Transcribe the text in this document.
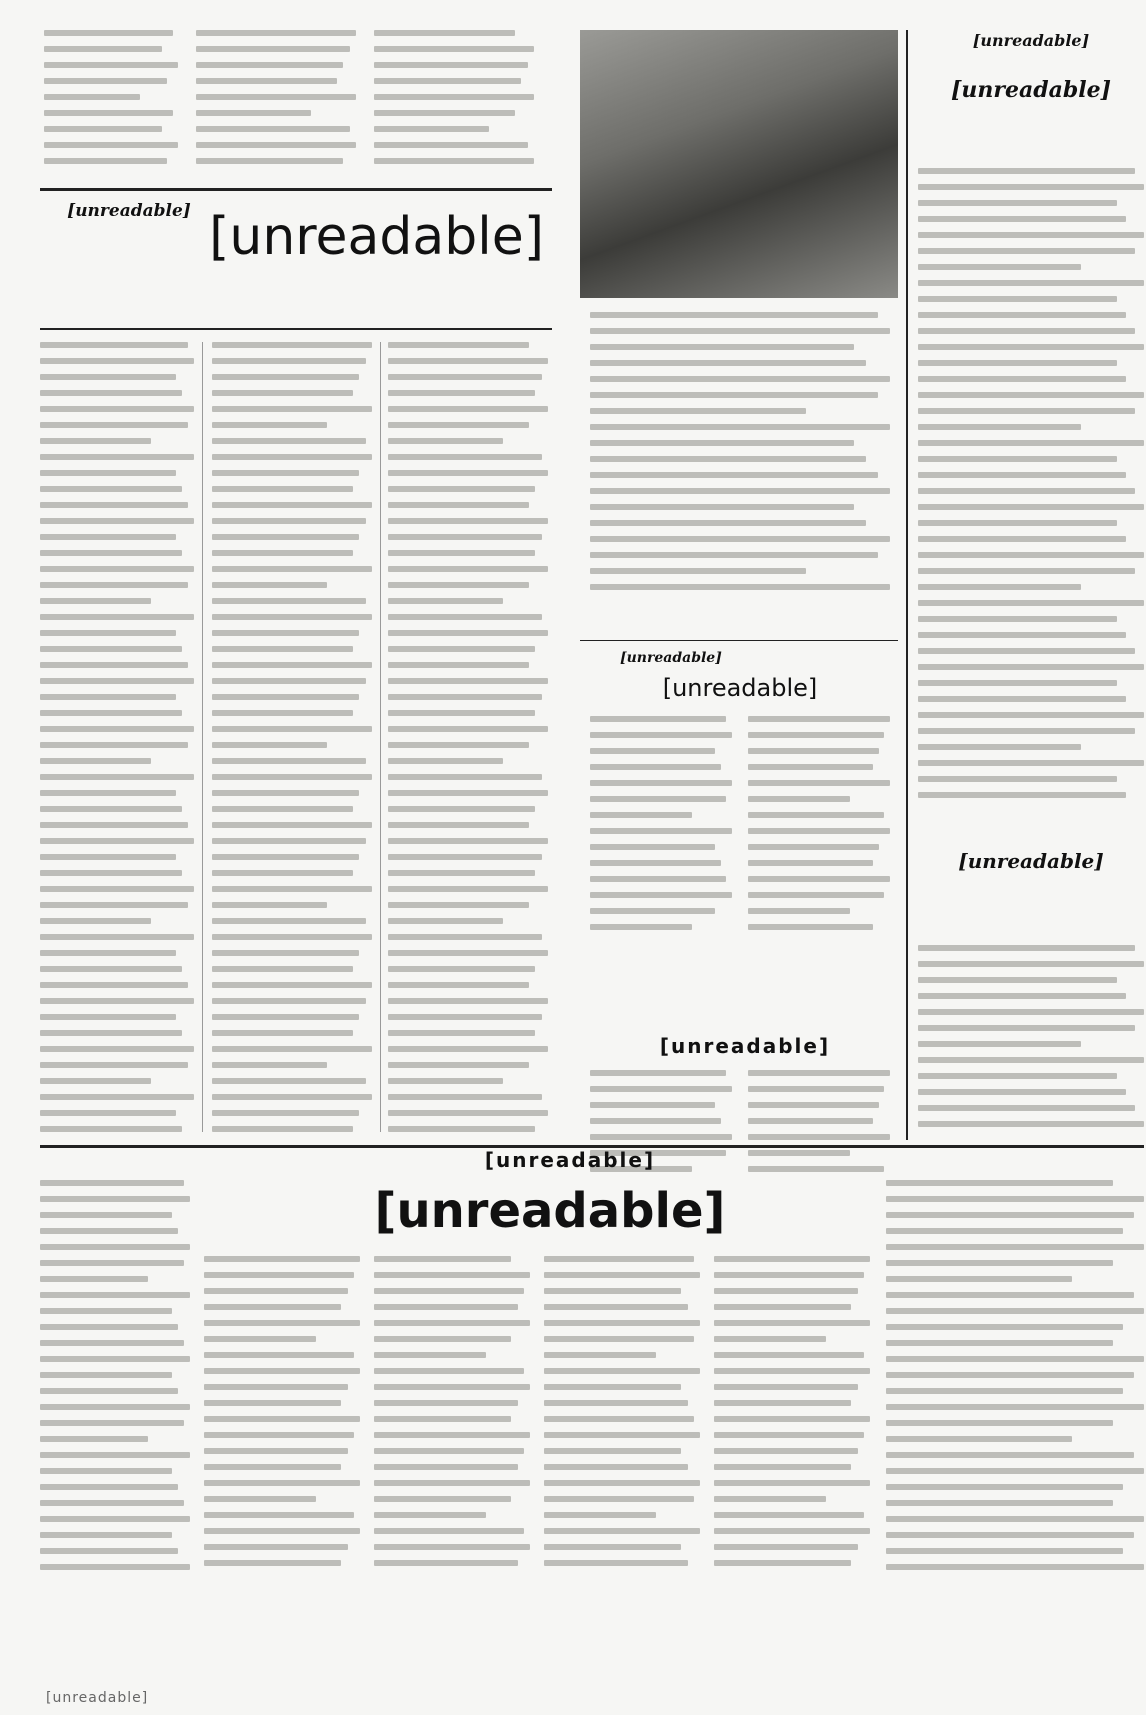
[unreadable] [unreadable]
[unreadable]
[unreadable]
[unreadable]
[unreadable]
[unreadable]
[unreadable]
[unreadable]
[unreadable]
[unreadable]
